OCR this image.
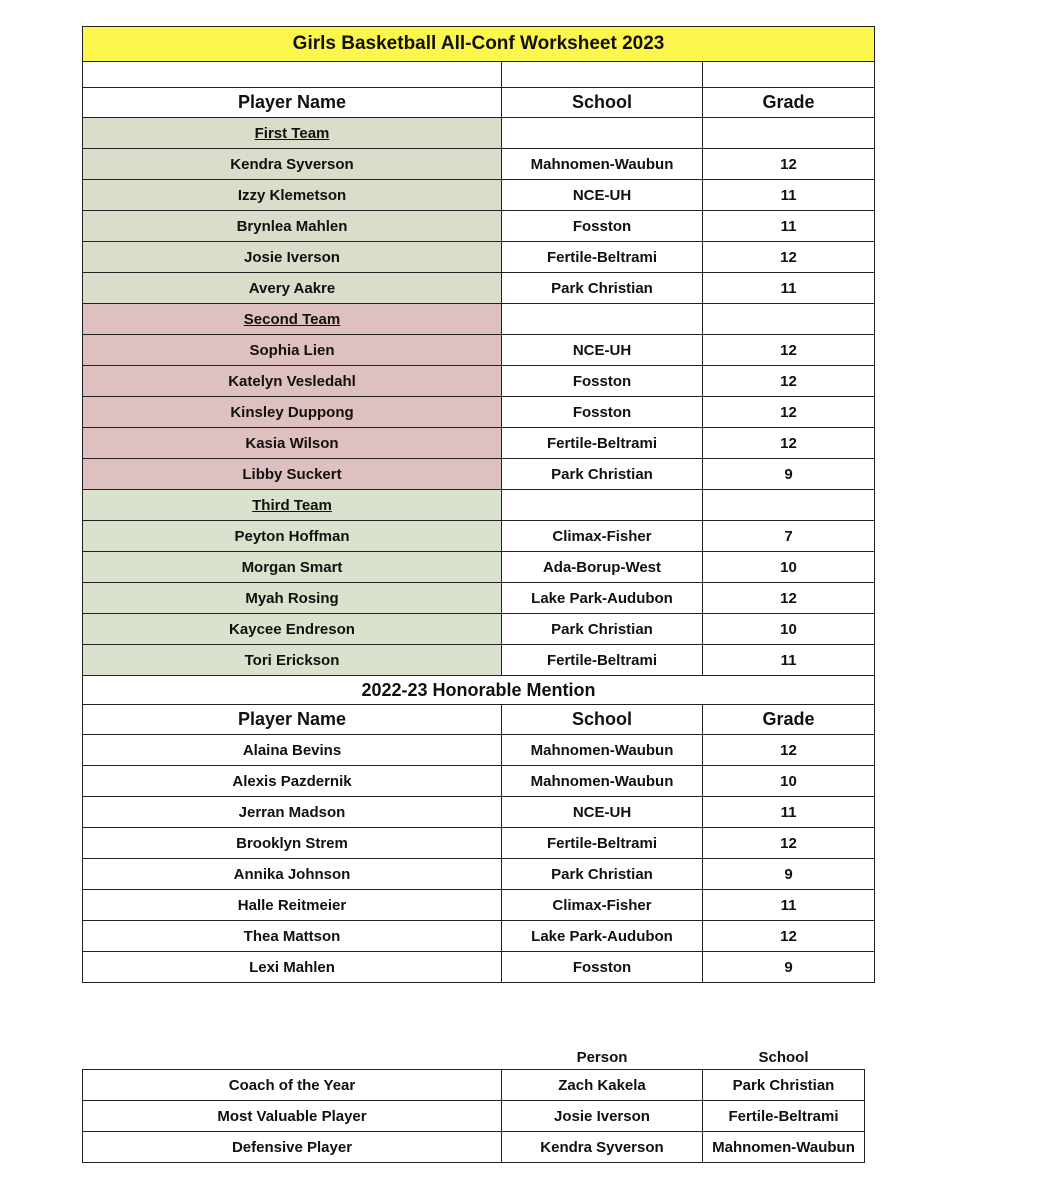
Girls Basketball All-Conf Worksheet 2023		

Player Name	School	Grade
First Team		
Kendra Syverson	Mahnomen-Waubun	12
Izzy Klemetson	NCE-UH	11
Brynlea Mahlen	Fosston	11
Josie Iverson	Fertile-Beltrami	12
Avery Aakre	Park Christian	11
Second Team		
Sophia Lien	NCE-UH	12
Katelyn Vesledahl	Fosston	12
Kinsley Duppong	Fosston	12
Kasia Wilson	Fertile-Beltrami	12
Libby Suckert	Park Christian	9
Third Team		
Peyton Hoffman	Climax-Fisher	7
Morgan Smart	Ada-Borup-West	10
Myah Rosing	Lake Park-Audubon	12
Kaycee Endreson	Park Christian	10
Tori Erickson	Fertile-Beltrami	11
2022-23 Honorable Mention		
Player Name	School	Grade
Alaina Bevins	Mahnomen-Waubun	12
Alexis Pazdernik	Mahnomen-Waubun	10
Jerran Madson	NCE-UH	11
Brooklyn Strem	Fertile-Beltrami	12
Annika Johnson	Park Christian	9
Halle Reitmeier	Climax-Fisher	11
Thea Mattson	Lake Park-Audubon	12
Lexi Mahlen	Fosston	9
	Person	School
Coach of the Year	Zach Kakela	Park Christian
Most Valuable Player	Josie Iverson	Fertile-Beltrami
Defensive Player	Kendra Syverson	Mahnomen-Waubun
